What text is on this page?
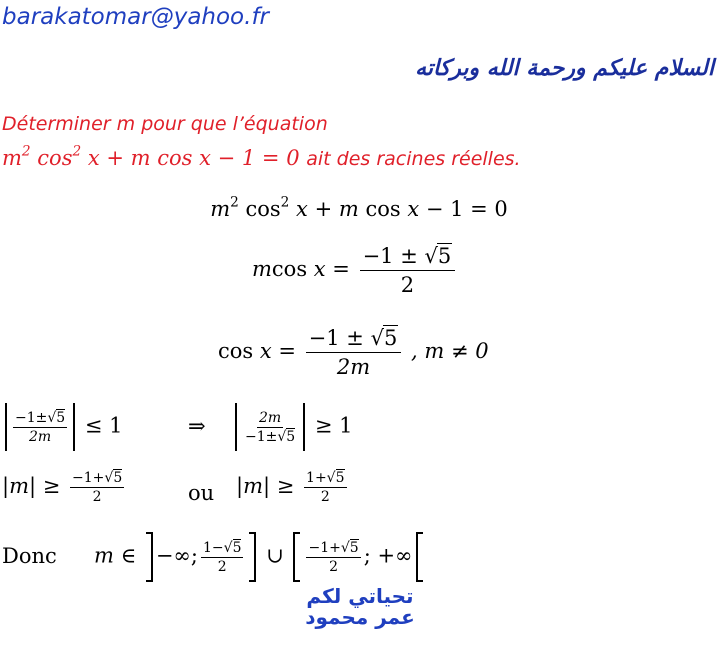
barakatomar@yahoo.fr
السلام عليكم ورحمة الله وبركاته
Déterminer m pour que l’équation
$m^2$ $\cos^2 x + m$ cos x − 1 = 0 ait des racines réelles.
$m^2$ $\cos^2 x + m$ cos x − 1 = 0
mcos $x = \frac{-1 \pm √5}{2}$
$\cos x = \frac{-1 \pm √5}{2m}$ , m ≠ 0
$\frac{-1\pm√5}{2m} \le 1$	⇒	$\frac{2m}{-1\pm√5} \ge 1$
$|m| \ge \frac{-1+√5}{2}$	ou $|m| \ge \frac{1+√5}{2}$
Donc m ∈ −∞; $\frac{1-√5}{2}$ ∪ $\frac{-1+√5}{2}$ ; +∞
تحياتي لكم
عمر محمود
